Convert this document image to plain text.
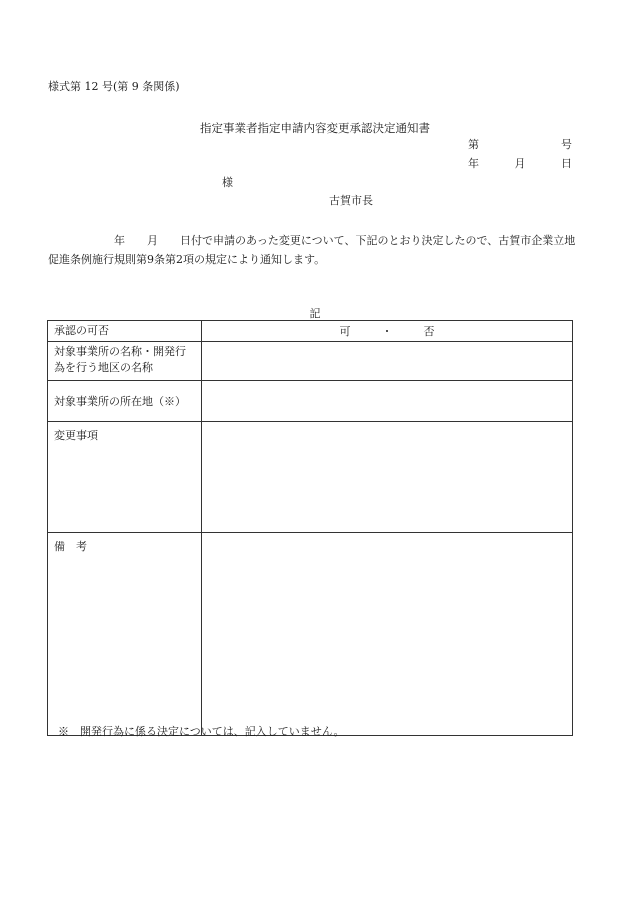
様式第 12 号(第 9 条関係)
指定事業者指定申請内容変更承認決定通知書
第	号
年	月	日
様
古賀市長
年 月 日付で申請のあった変更について、下記のとおり決定したので、古賀市企業立地促進条例施行規則第9条第2項の規定により通知します。
記
承認の可否	可 ・ 否
対象事業所の名称・開発行為を行う地区の名称	
対象事業所の所在地（※）	
変更事項	
備　考	
※　開発行為に係る決定については、記入していません。
